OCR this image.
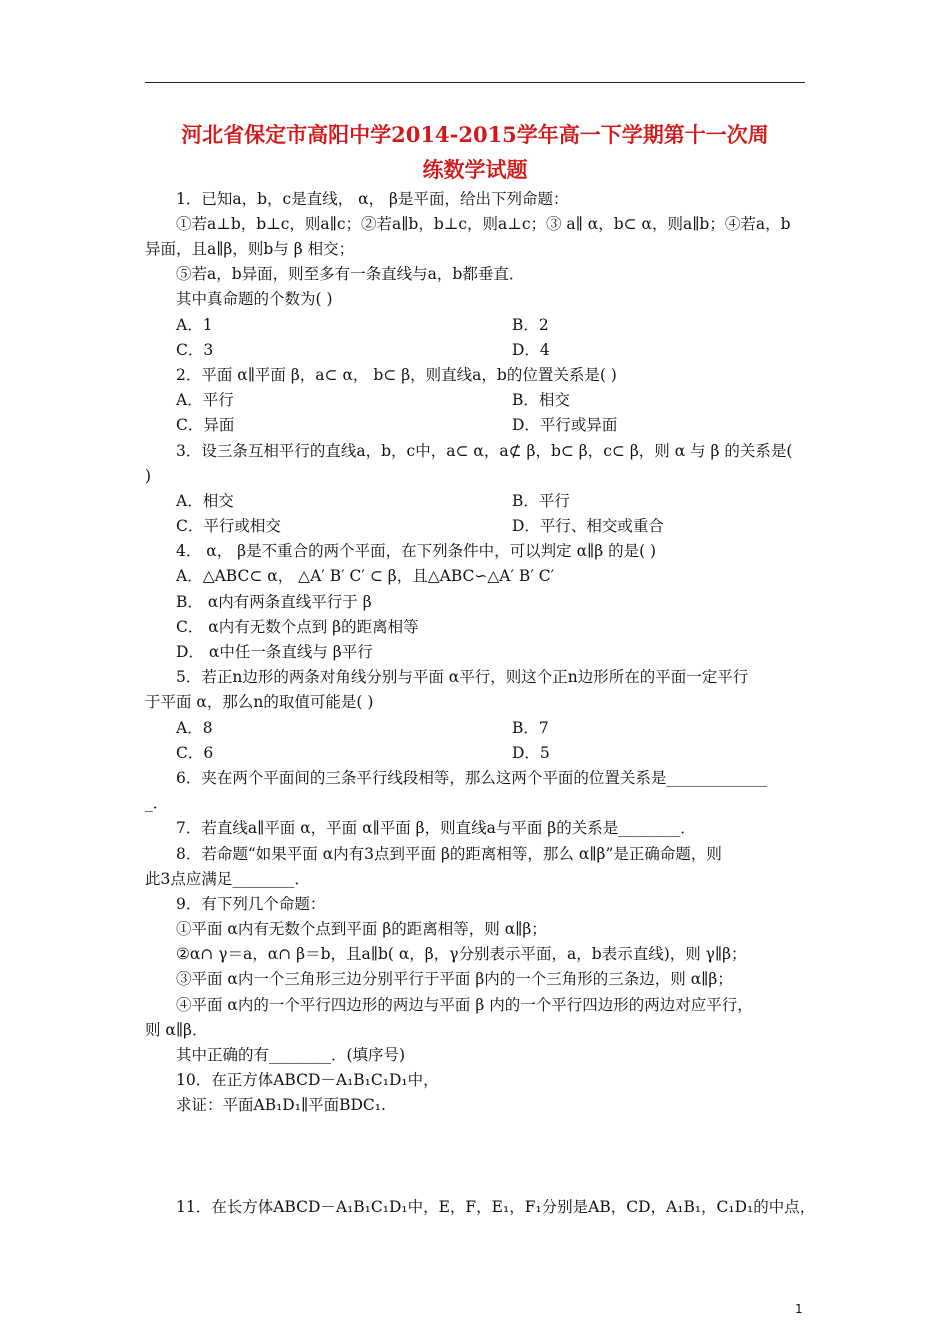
河北省保定市高阳中学2014-2015学年高一下学期第十一次周
练数学试题
1．已知a，b，c是直线， α， β是平面，给出下列命题：
①若a⊥b，b⊥c，则a∥c；②若a∥b，b⊥c，则a⊥c；③ a∥ α，b⊂ α，则a∥b；④若a，b
异面，且a∥β，则b与 β 相交；
⑤若a，b异面，则至多有一条直线与a，b都垂直．
其中真命题的个数为( )
A．1	B．2
C．3	D．4
2．平面 α∥平面 β，a⊂ α， b⊂ β，则直线a，b的位置关系是( )
A．平行	B．相交
C．异面	D．平行或异面
3．设三条互相平行的直线a，b，c中，a⊂ α，a⊄ β，b⊂ β，c⊂ β，则 α 与 β 的关系是(
)
A．相交	B．平行
C．平行或相交	D．平行、相交或重合
4． α， β是不重合的两个平面，在下列条件中，可以判定 α∥β 的是( )
A．△ABC⊂ α， △A′ B′ C′ ⊂ β，且△ABC∽△A′ B′ C′
B． α内有两条直线平行于 β
C． α内有无数个点到 β的距离相等
D． α中任一条直线与 β平行
5．若正n边形的两条对角线分别与平面 α平行，则这个正n边形所在的平面一定平行
于平面 α，那么n的取值可能是( )
A．8	B．7
C．6	D．5
6．夹在两个平面间的三条平行线段相等，那么这两个平面的位置关系是_____________
_．
7．若直线a∥平面 α，平面 α∥平面 β，则直线a与平面 β的关系是________．
8．若命题“如果平面 α内有3点到平面 β的距离相等，那么 α∥β”是正确命题，则
此3点应满足________．
9．有下列几个命题：
①平面 α内有无数个点到平面 β的距离相等，则 α∥β；
②α∩ γ＝a，α∩ β＝b，且a∥b( α，β，γ分别表示平面，a，b表示直线)，则 γ∥β；
③平面 α内一个三角形三边分别平行于平面 β内的一个三角形的三条边，则 α∥β；
④平面 α内的一个平行四边形的两边与平面 β 内的一个平行四边形的两边对应平行，
则 α∥β．
其中正确的有________．(填序号)
10．在正方体ABCD－A₁B₁C₁D₁中，
求证：平面AB₁D₁∥平面BDC₁.
11．在长方体ABCD－A₁B₁C₁D₁中，E，F，E₁，F₁分别是AB，CD，A₁B₁，C₁D₁的中点，
1
